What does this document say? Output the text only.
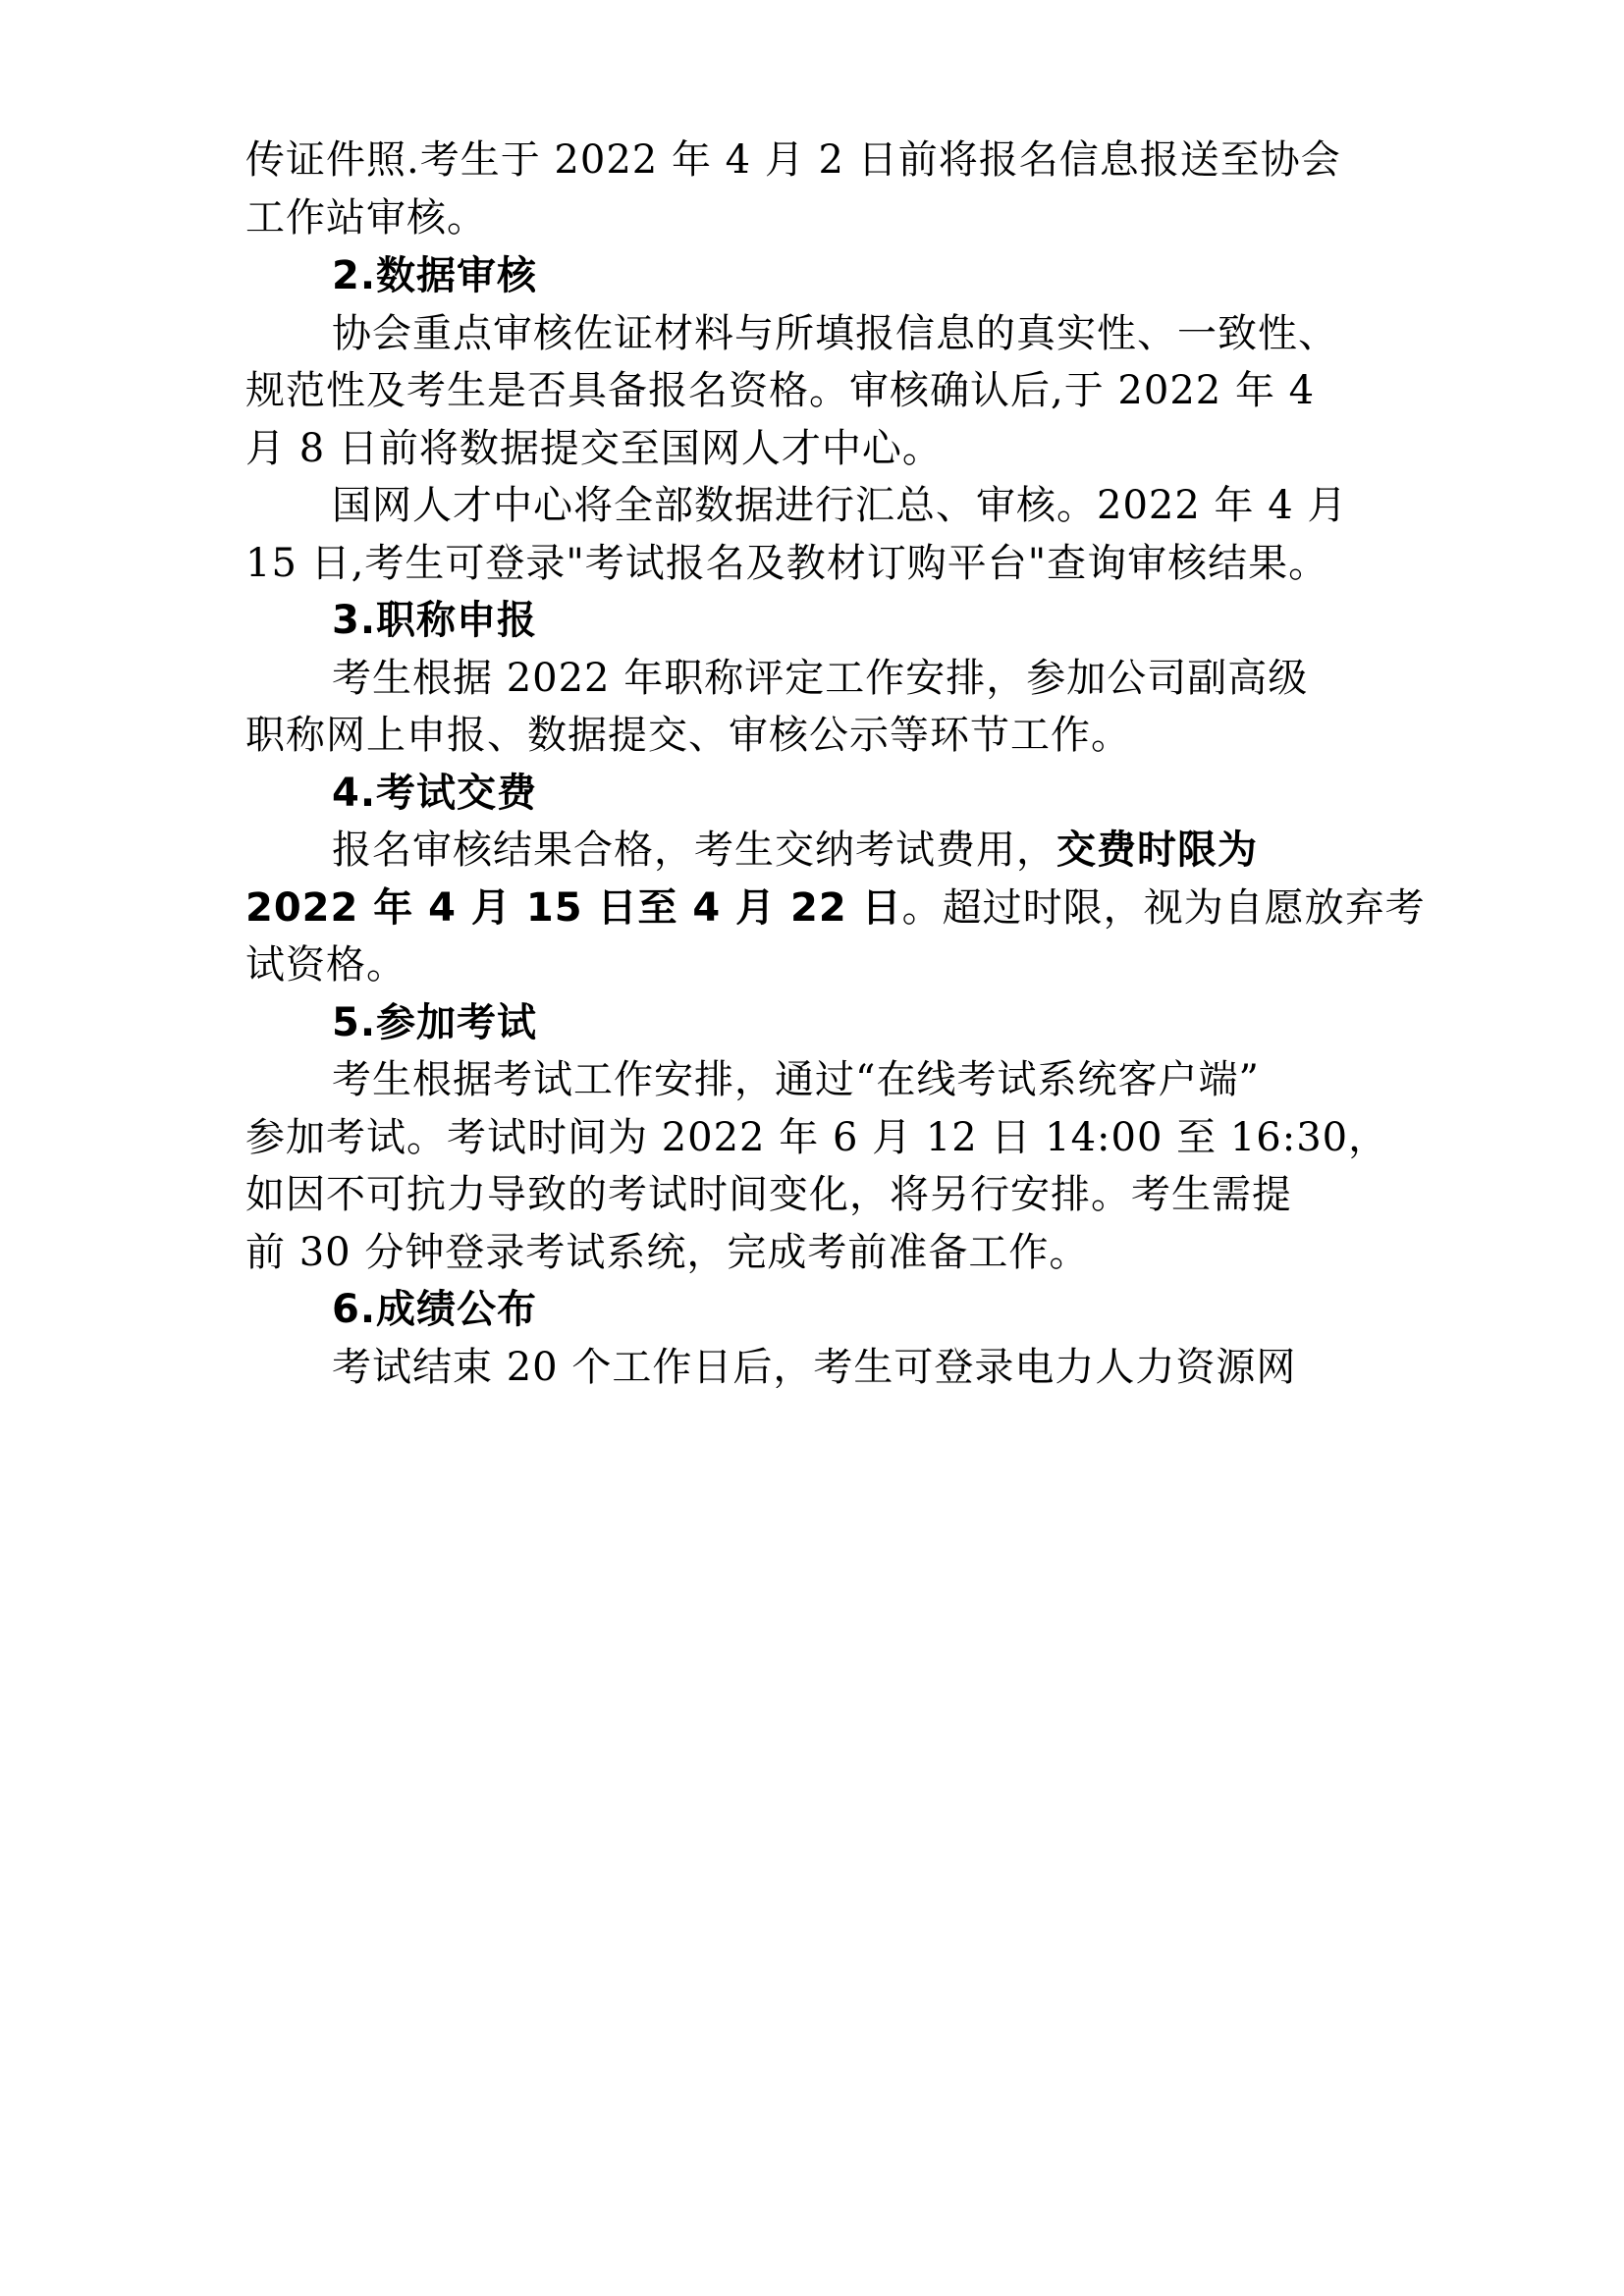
传证件照.考生于 2022 年 4 月 2 日前将报名信息报送至协会
工作站审核。
2.数据审核
协会重点审核佐证材料与所填报信息的真实性、一致性、
规范性及考生是否具备报名资格。审核确认后,于 2022 年 4
月 8 日前将数据提交至国网人才中心。
国网人才中心将全部数据进行汇总、审核。2022 年 4 月
15 日,考生可登录"考试报名及教材订购平台"查询审核结果。
3.职称申报
考生根据 2022 年职称评定工作安排，参加公司副高级
职称网上申报、数据提交、审核公示等环节工作。
4.考试交费
报名审核结果合格，考生交纳考试费用，交费时限为
2022 年 4 月 15 日至 4 月 22 日。超过时限，视为自愿放弃考
试资格。
5.参加考试
考生根据考试工作安排，通过“在线考试系统客户端”
参加考试。考试时间为 2022 年 6 月 12 日 14:00 至 16:30，
如因不可抗力导致的考试时间变化，将另行安排。考生需提
前 30 分钟登录考试系统，完成考前准备工作。
6.成绩公布
考试结束 20 个工作日后，考生可登录电力人力资源网
